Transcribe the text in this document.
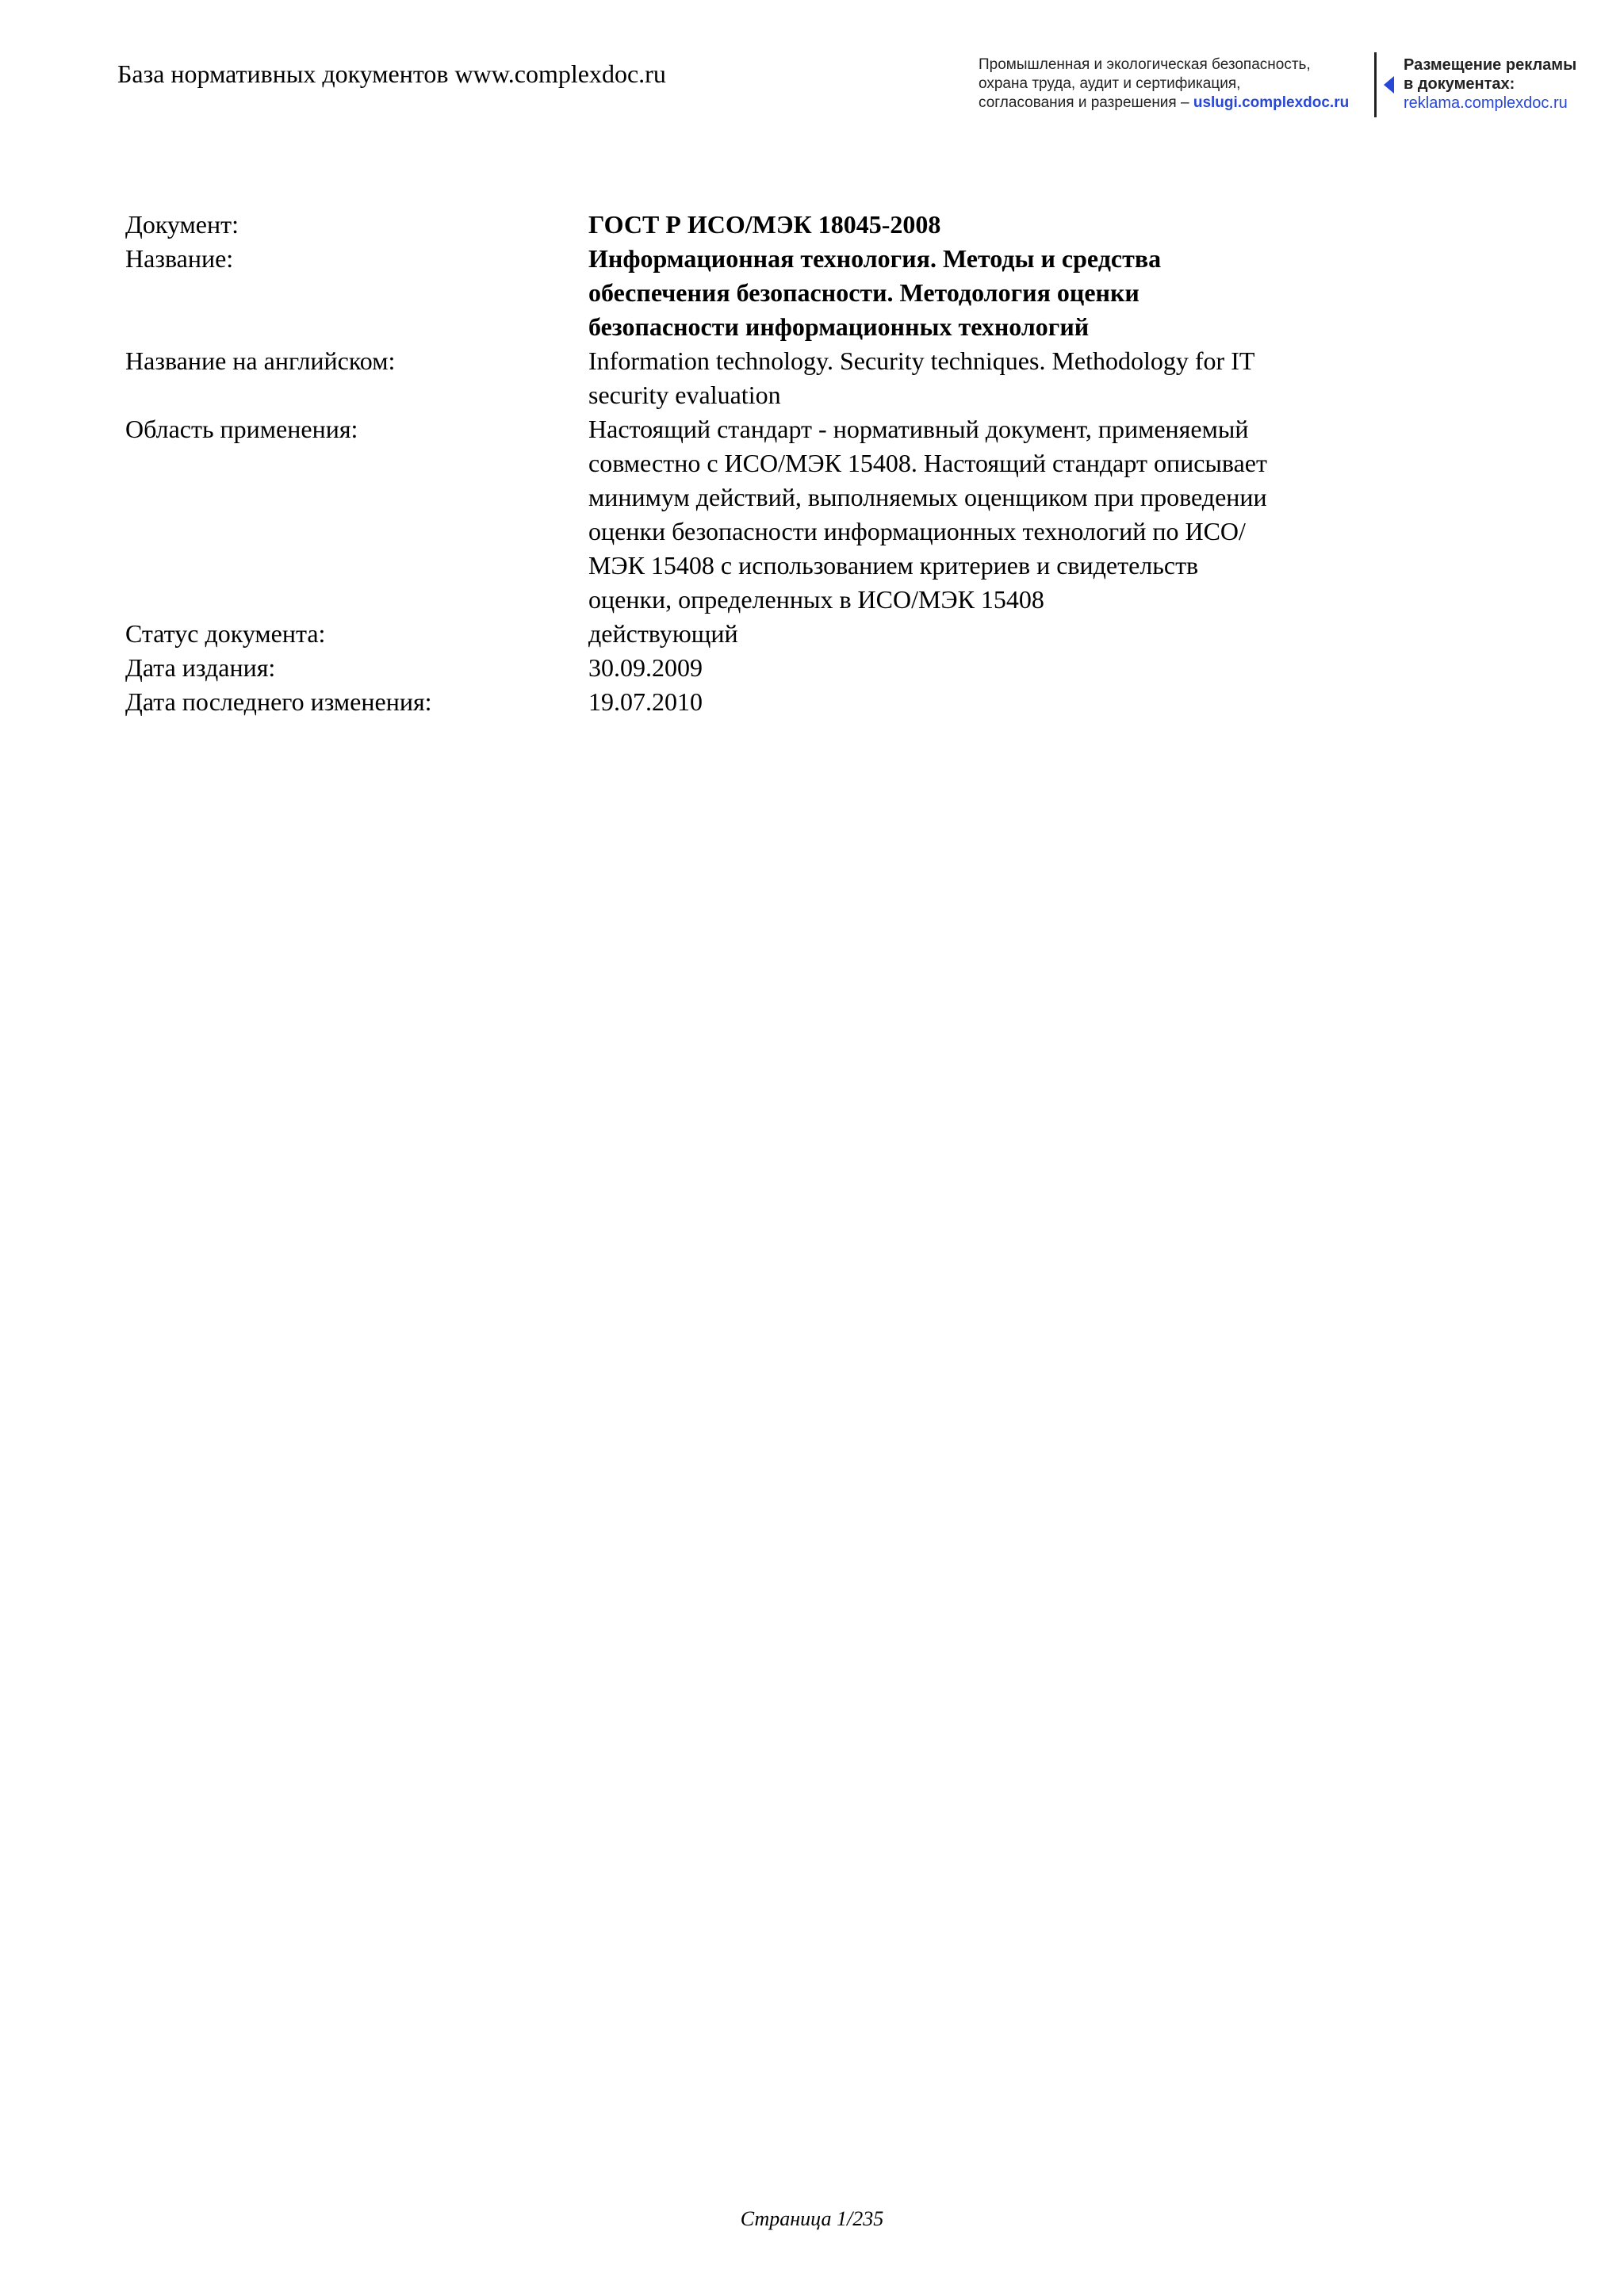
База нормативных документов www.complexdoc.ru	Промышленная и экологическая безопасность,
охрана труда, аудит и сертификация,
согласования и разрешения – uslugi.complexdoc.ru
Размещение рекламы
в документах:
reklama.complexdoc.ru
Документ:	ГОСТ Р ИСО/МЭК 18045-2008
Название:	Информационная технология. Методы и средства обеспечения безопасности. Методология оценки безопасности информационных технологий
Название на английском:	Information technology. Security techniques. Methodology for IT security evaluation
Область применения:	Настоящий стандарт - нормативный документ, применяемый совместно с ИСО/МЭК 15408. Настоящий стандарт описывает минимум действий, выполняемых оценщиком при проведении оценки безопасности информационных технологий по ИСО/МЭК 15408 с использованием критериев и свидетельств оценки, определенных в ИСО/МЭК 15408
Статус документа:	действующий
Дата издания:	30.09.2009
Дата последнего изменения:	19.07.2010
Страница 1/235
